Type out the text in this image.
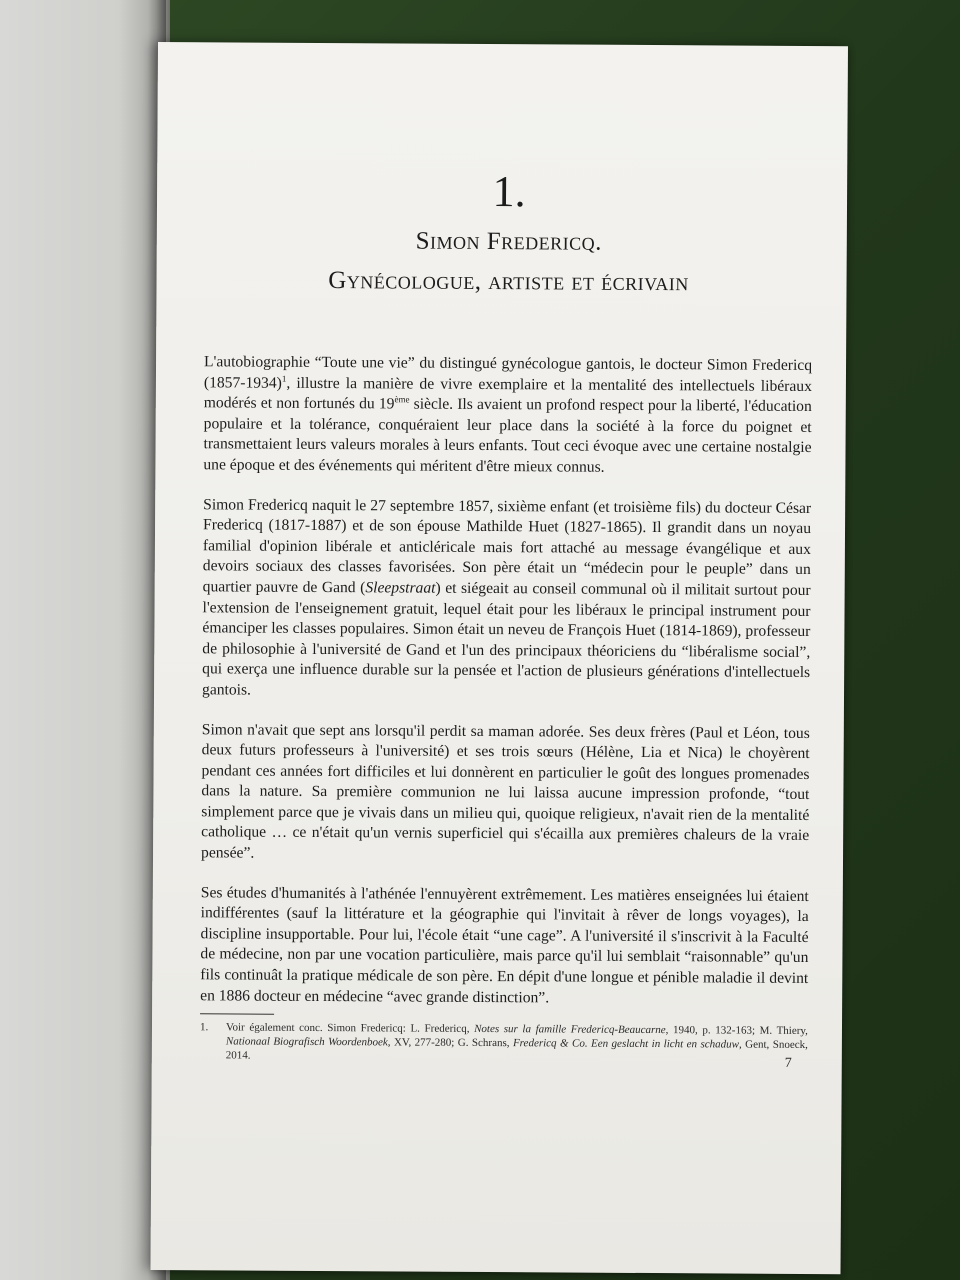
1.
Simon Fredericq.
Gynécologue, artiste et écrivain

L'autobiographie “Toute une vie” du distingué gynécologue gantois, le docteur Simon Fredericq (1857-1934)$^1$, illustre la manière de vivre exemplaire et la mentalité des intellectuels libéraux modérés et non fortunés du 19ème siècle. Ils avaient un profond respect pour la liberté, l'éducation populaire et la tolérance, conquéraient leur place dans la société à la force du poignet et transmettaient leurs valeurs morales à leurs enfants. Tout ceci évoque avec une certaine nostalgie une époque et des événements qui méritent d'être mieux connus.

Simon Fredericq naquit le 27 septembre 1857, sixième enfant (et troisième fils) du docteur César Fredericq (1817-1887) et de son épouse Mathilde Huet (1827-1865). Il grandit dans un noyau familial d'opinion libérale et anticléricale mais fort attaché au message évangélique et aux devoirs sociaux des classes favorisées. Son père était un “médecin pour le peuple” dans un quartier pauvre de Gand (Sleepstraat) et siégeait au conseil communal où il militait surtout pour l'extension de l'enseignement gratuit, lequel était pour les libéraux le principal instrument pour émanciper les classes populaires. Simon était un neveu de François Huet (1814-1869), professeur de philosophie à l'université de Gand et l'un des principaux théoriciens du “libéralisme social”, qui exerça une influence durable sur la pensée et l'action de plusieurs générations d'intellectuels gantois.

Simon n'avait que sept ans lorsqu'il perdit sa maman adorée. Ses deux frères (Paul et Léon, tous deux futurs professeurs à l'université) et ses trois sœurs (Hélène, Lia et Nica) le choyèrent pendant ces années fort difficiles et lui donnèrent en particulier le goût des longues promenades dans la nature. Sa première communion ne lui laissa aucune impression profonde, “tout simplement parce que je vivais dans un milieu qui, quoique religieux, n'avait rien de la mentalité catholique … ce n'était qu'un vernis superficiel qui s'écailla aux premières chaleurs de la vraie pensée”.

Ses études d'humanités à l'athénée l'ennuyèrent extrêmement. Les matières enseignées lui étaient indifférentes (sauf la littérature et la géographie qui l'invitait à rêver de longs voyages), la discipline insupportable. Pour lui, l'école était “une cage”. A l'université il s'inscrivit à la Faculté de médecine, non par une vocation particulière, mais parce qu'il lui semblait “raisonnable” qu'un fils continuât la pratique médicale de son père. En dépit d'une longue et pénible maladie il devint en 1886 docteur en médecine “avec grande distinction”.

1.	Voir également conc. Simon Fredericq: L. Fredericq, Notes sur la famille Fredericq-Beaucarne, 1940, p. 132-163; M. Thiery, Nationaal Biografisch Woordenboek, XV, 277-280; G. Schrans, Fredericq & Co. Een geslacht in licht en schaduw, Gent, Snoeck, 2014.
7
